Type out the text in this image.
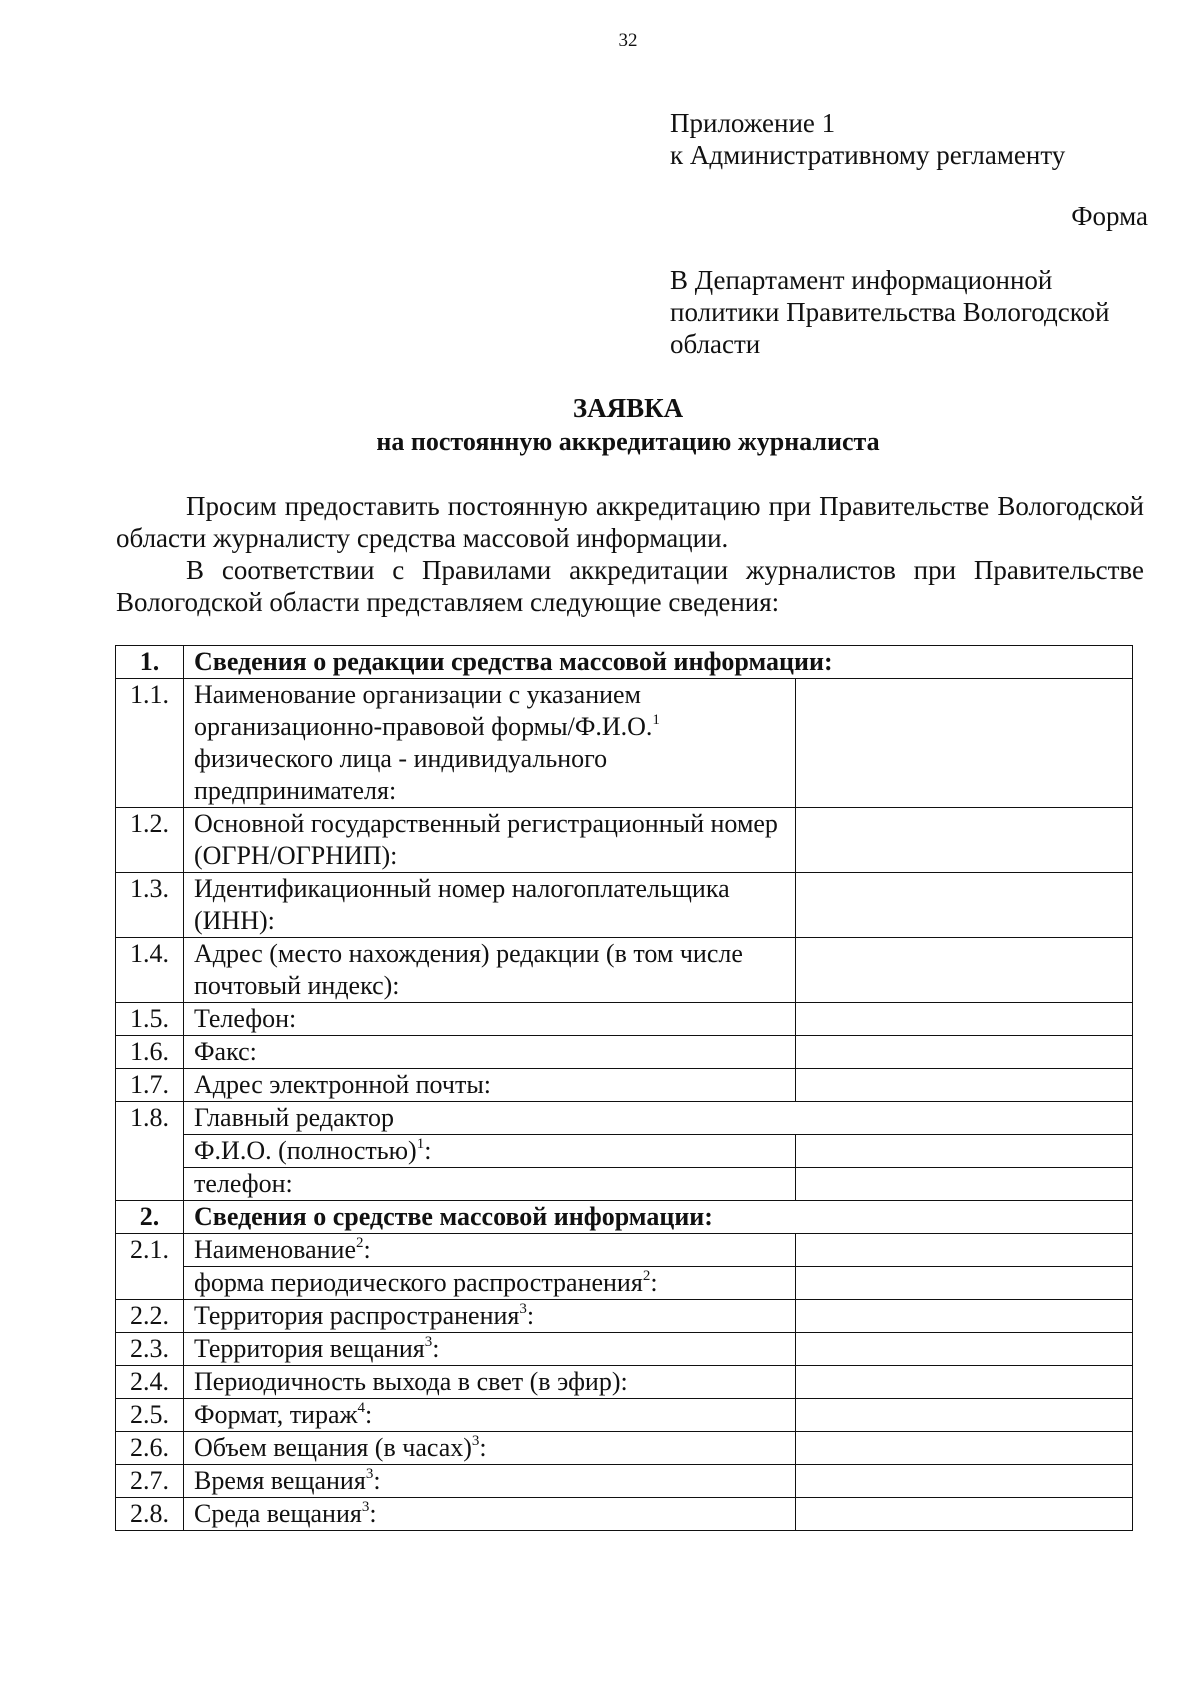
32
Приложение 1
к Административному регламенту
Форма
В Департамент информационной политики Правительства Вологодской области
ЗАЯВКА
на постоянную аккредитацию журналиста

Просим предоставить постоянную аккредитацию при Правительстве Вологодской области журналисту средства массовой информации.

В соответствии с Правилами аккредитации журналистов при Правительстве Вологодской области представляем следующие сведения:

1.	Сведения о редакции средства массовой информации:	
1.1.	Наименование организации с указанием организационно-правовой формы/Ф.И.О.$^1$ физического лица - индивидуального предпринимателя:	
1.2.	Основной государственный регистрационный номер (ОГРН/ОГРНИП):	
1.3.	Идентификационный номер налогоплательщика (ИНН):	
1.4.	Адрес (место нахождения) редакции (в том числе почтовый индекс):	
1.5.	Телефон:	
1.6.	Факс:	
1.7.	Адрес электронной почты:	
1.8.	Главный редактор	
	Ф.И.О. (полностью)$^1$:	
	телефон:	
2.	Сведения о средстве массовой информации:	
2.1.	Наименование$^2$:	
	форма периодического распространения$^2$:	
2.2.	Территория распространения$^3$:	
2.3.	Территория вещания$^3$:	
2.4.	Периодичность выхода в свет (в эфир):	
2.5.	Формат, тираж$^4$:	
2.6.	Объем вещания (в часах)$^3$:	
2.7.	Время вещания$^3$:	
2.8.	Среда вещания$^3$:	
